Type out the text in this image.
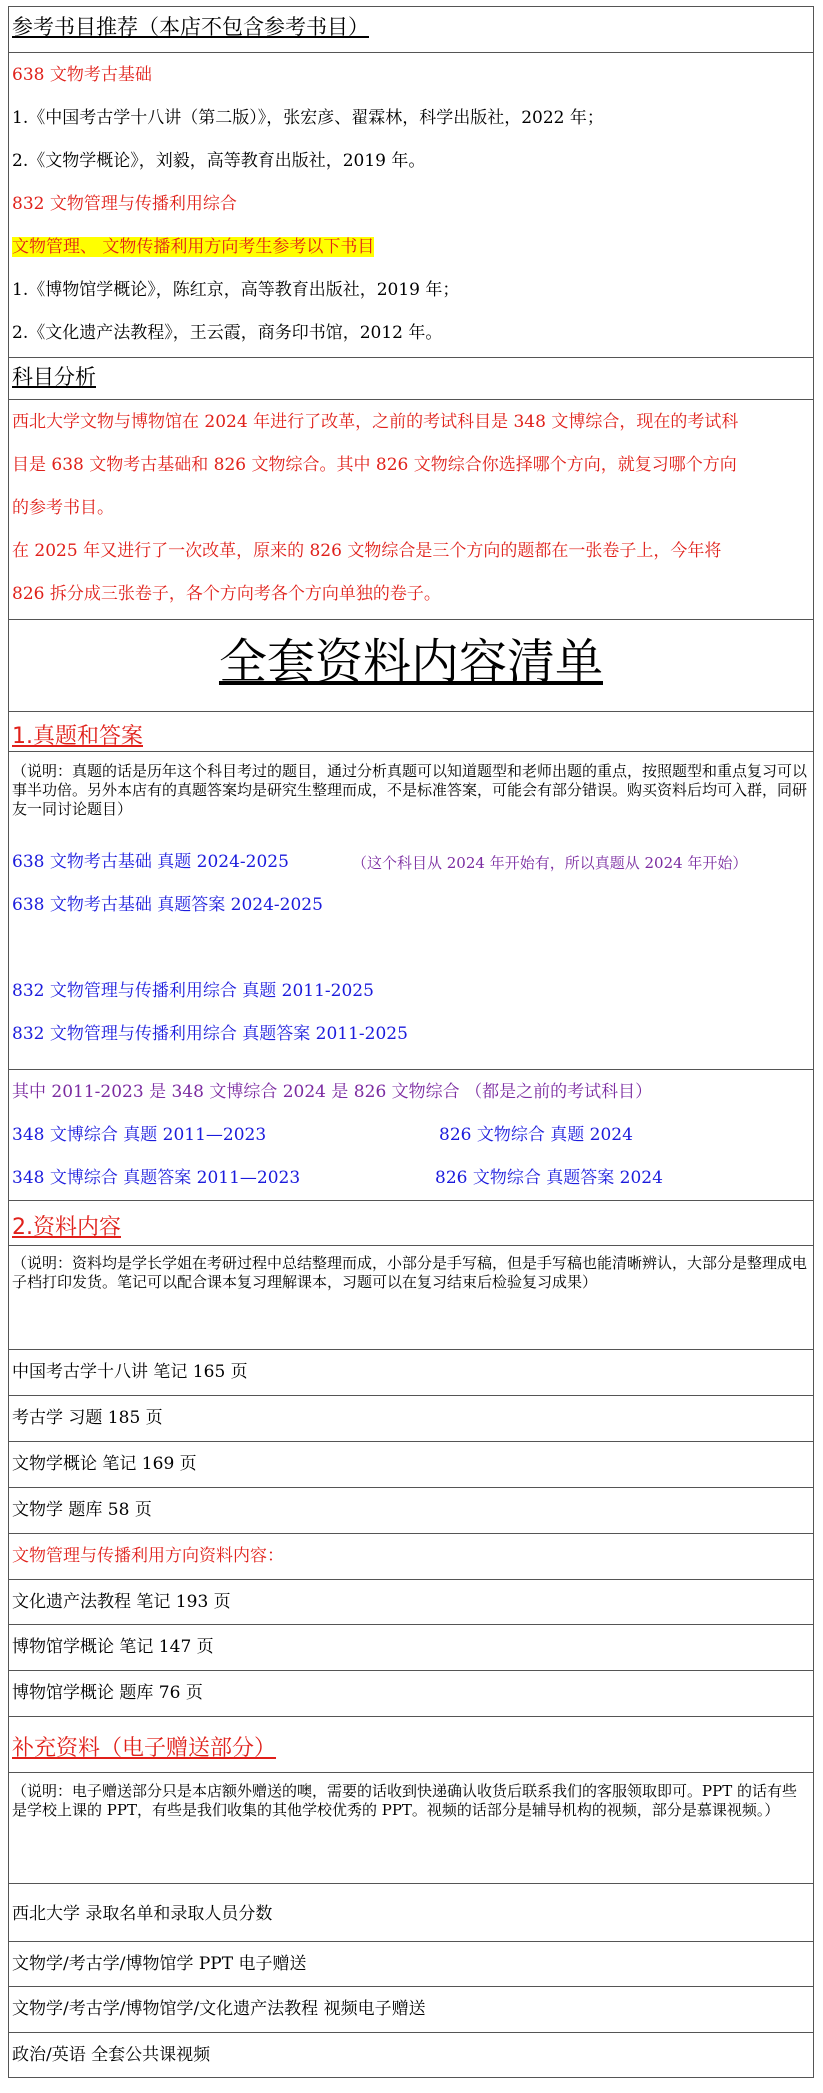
参考书目推荐（本店不包含参考书目）
638 文物考古基础
1.《中国考古学十八讲（第二版）》，张宏彦、翟霖林，科学出版社，2022 年；
2.《文物学概论》，刘毅，高等教育出版社，2019 年。
832 文物管理与传播利用综合
文物管理、 文物传播利用方向考生参考以下书目
1.《博物馆学概论》，陈红京，高等教育出版社，2019 年；
2.《文化遗产法教程》，王云霞，商务印书馆，2012 年。
科目分析
西北大学文物与博物馆在 2024 年进行了改革，之前的考试科目是 348 文博综合，现在的考试科
目是 638 文物考古基础和 826 文物综合。其中 826 文物综合你选择哪个方向，就复习哪个方向
的参考书目。
在 2025 年又进行了一次改革，原来的 826 文物综合是三个方向的题都在一张卷子上，今年将
826 拆分成三张卷子，各个方向考各个方向单独的卷子。
全套资料内容清单
1.真题和答案
（说明：真题的话是历年这个科目考过的题目，通过分析真题可以知道题型和老师出题的重点，按照题型和重点复习可以事半功倍。另外本店有的真题答案均是研究生整理而成，不是标准答案，可能会有部分错误。购买资料后均可入群，同研友一同讨论题目）
638 文物考古基础 真题 2024-2025	（这个科目从 2024 年开始有，所以真题从 2024 年开始）
638 文物考古基础 真题答案 2024-2025
832 文物管理与传播利用综合 真题 2011-2025
832 文物管理与传播利用综合 真题答案 2011-2025
其中 2011-2023 是 348 文博综合 2024 是 826 文物综合 （都是之前的考试科目）
348 文博综合 真题 2011—2023	826 文物综合 真题 2024
348 文博综合 真题答案 2011—2023	826 文物综合 真题答案 2024
2.资料内容
（说明：资料均是学长学姐在考研过程中总结整理而成，小部分是手写稿，但是手写稿也能清晰辨认，大部分是整理成电子档打印发货。笔记可以配合课本复习理解课本，习题可以在复习结束后检验复习成果）
中国考古学十八讲 笔记 165 页
考古学 习题 185 页
文物学概论 笔记 169 页
文物学 题库 58 页
文物管理与传播利用方向资料内容：
文化遗产法教程 笔记 193 页
博物馆学概论 笔记 147 页
博物馆学概论 题库 76 页
补充资料（电子赠送部分）
（说明：电子赠送部分只是本店额外赠送的噢，需要的话收到快递确认收货后联系我们的客服领取即可。PPT 的话有些是学校上课的 PPT，有些是我们收集的其他学校优秀的 PPT。视频的话部分是辅导机构的视频，部分是慕课视频。）
西北大学 录取名单和录取人员分数
文物学/考古学/博物馆学 PPT 电子赠送
文物学/考古学/博物馆学/文化遗产法教程 视频电子赠送
政治/英语 全套公共课视频
